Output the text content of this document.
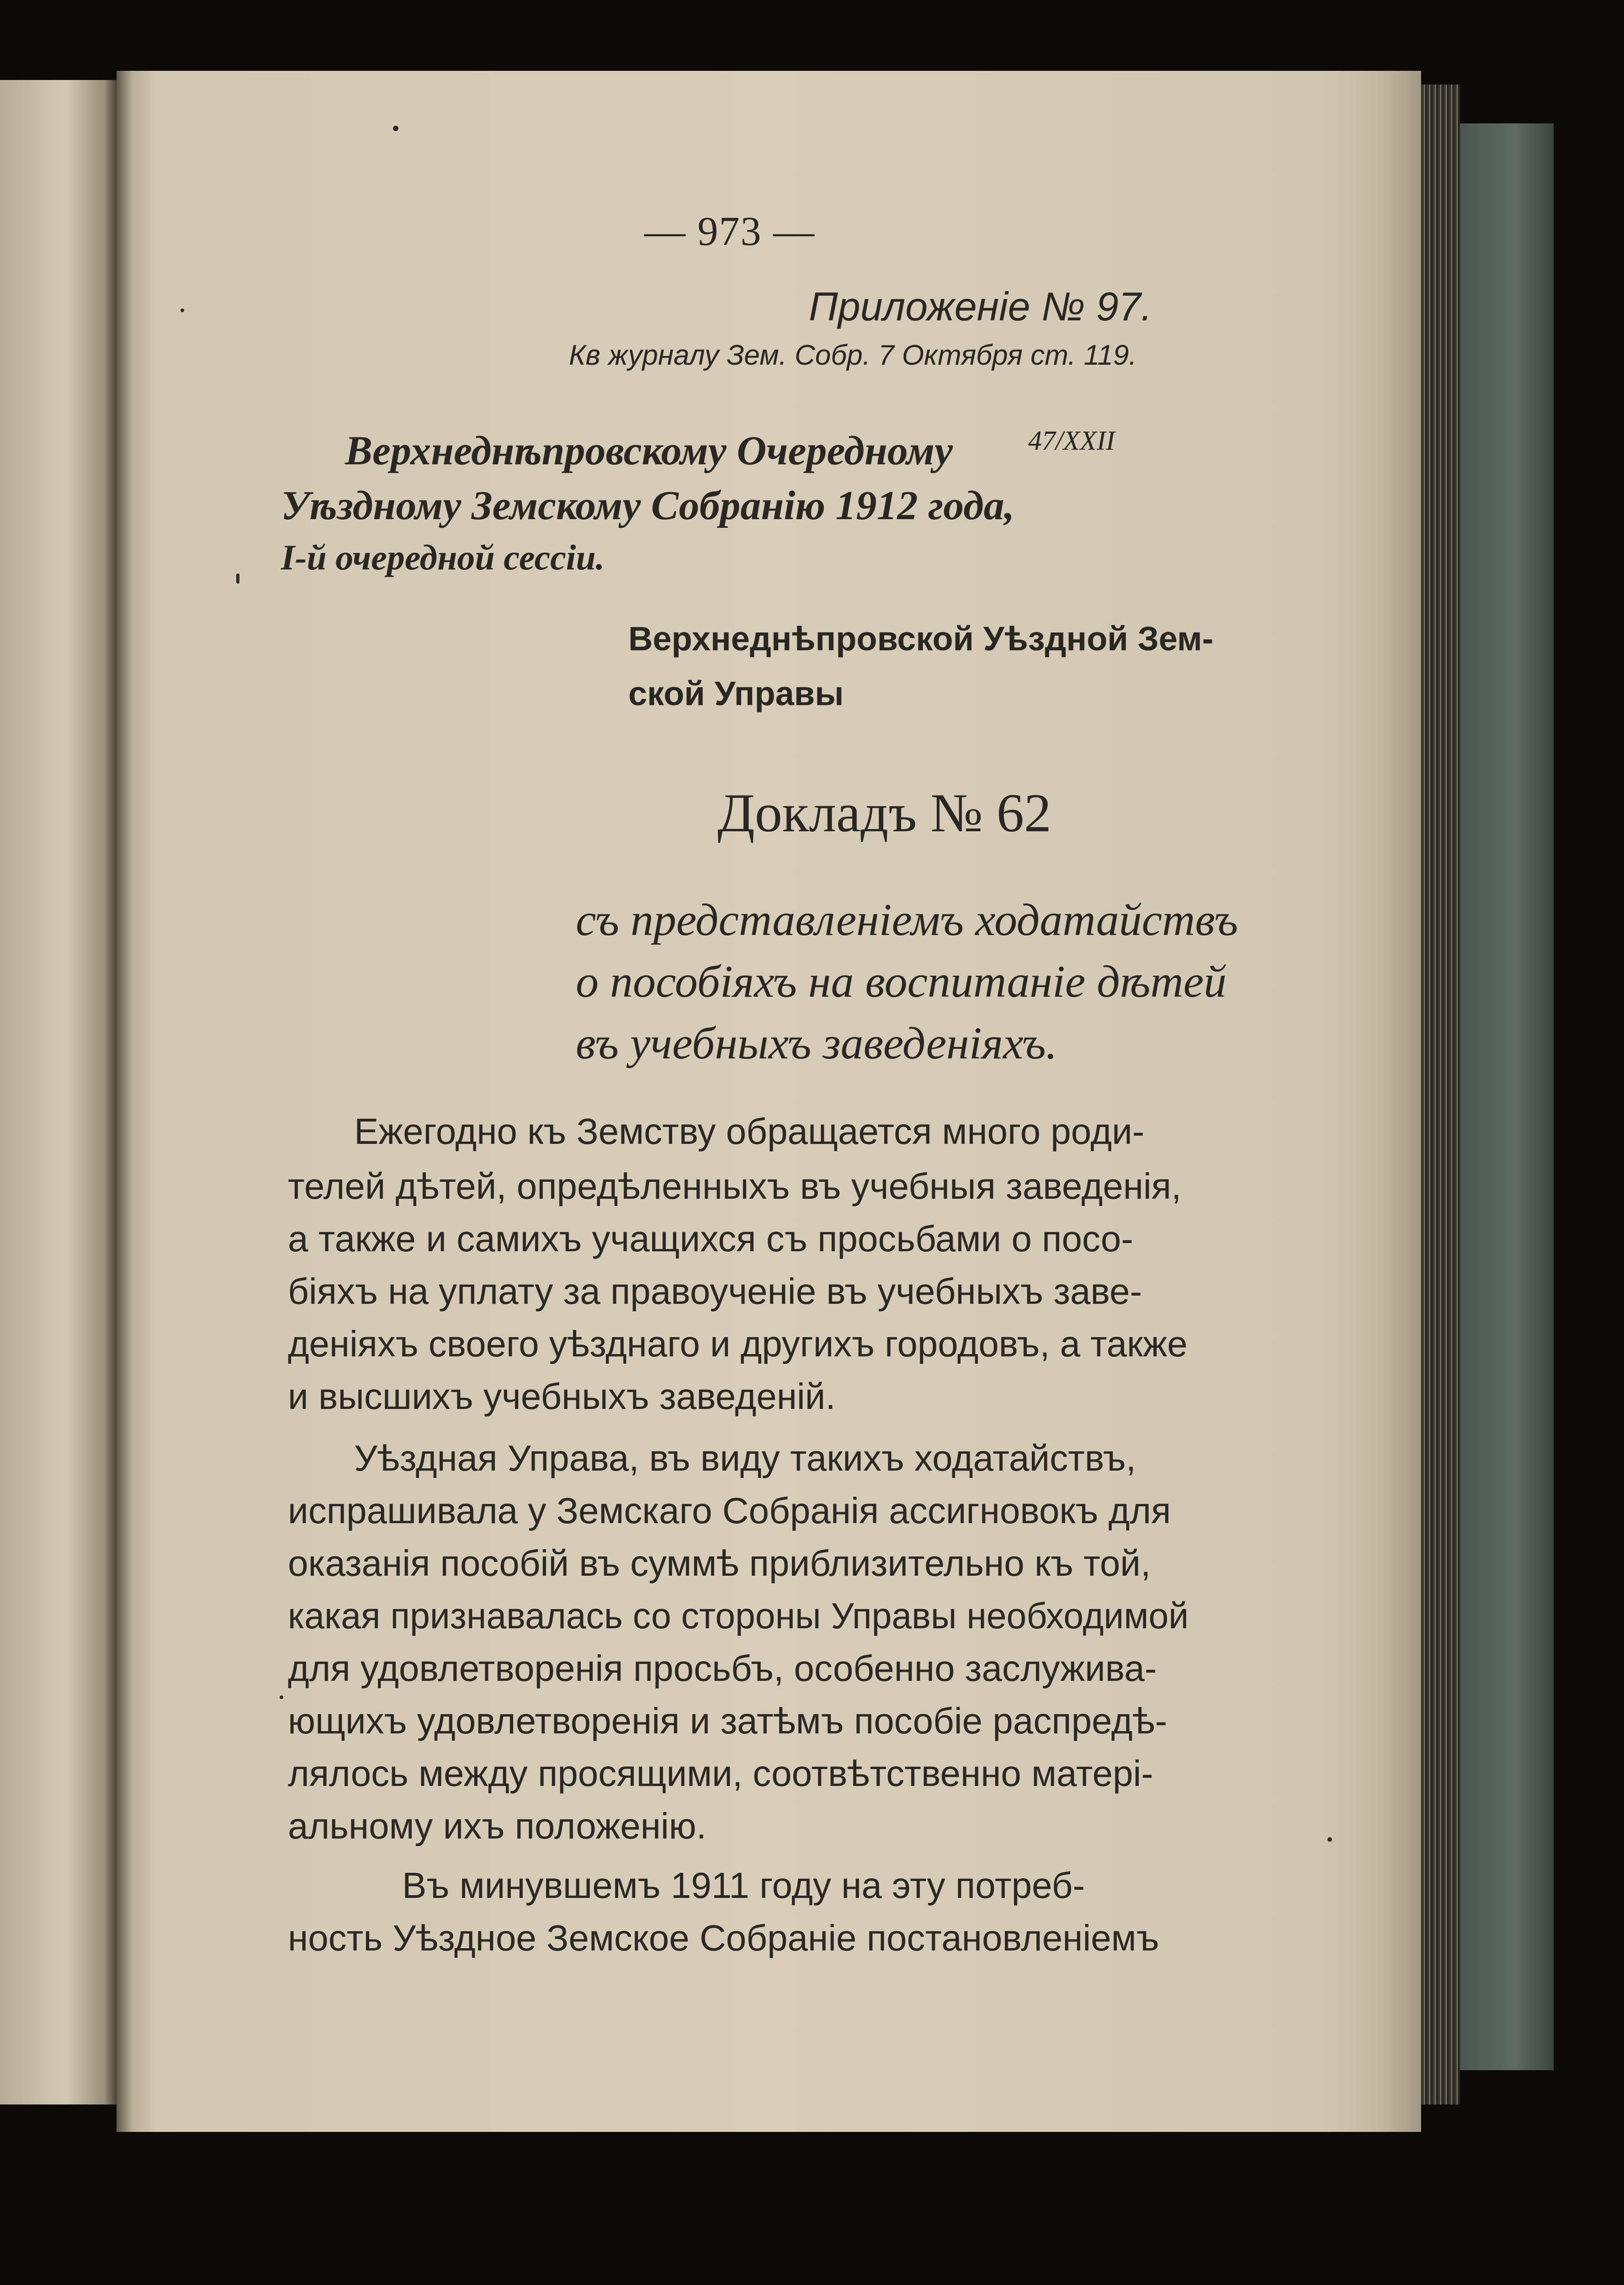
— 973 —
Приложенiе № 97.
Кв журналу Зем. Собр. 7 Октября ст. 119.
Верхнеднѣпровскому Очередному	47/XXII
Уѣздному Земскому Собранiю 1912 года,
I-й очередной сессiи.
Верхнеднѣпровской Уѣздной Зем-
ской Управы
Докладъ № 62
съ представленiемъ ходатайствъ
о пособiяхъ на воспитанiе дѣтей
въ учебныхъ заведенiяхъ.
Ежегодно къ Земству обращается много роди-
телей дѣтей, опредѣленныхъ въ учебныя заведенiя,
а также и самихъ учащихся съ просьбами о посо-
бiяхъ на уплату за правоученiе въ учебныхъ заве-
денiяхъ своего уѣзднаго и другихъ городовъ, а также
и высшихъ учебныхъ заведенiй.
Уѣздная Управа, въ виду такихъ ходатайствъ,
испрашивала у Земскаго Собранiя ассигновокъ для
оказанiя пособiй въ суммѣ приблизительно къ той,
какая признавалась со стороны Управы необходимой
для удовлетворенiя просьбъ, особенно заслужива-
ющихъ удовлетворенiя и затѣмъ пособiе распредѣ-
лялось между просящими, соотвѣтственно матерi-
альному ихъ положенiю.
Въ минувшемъ 1911 году на эту потреб-
ность Уѣздное Земское Собранiе постановленiемъ
